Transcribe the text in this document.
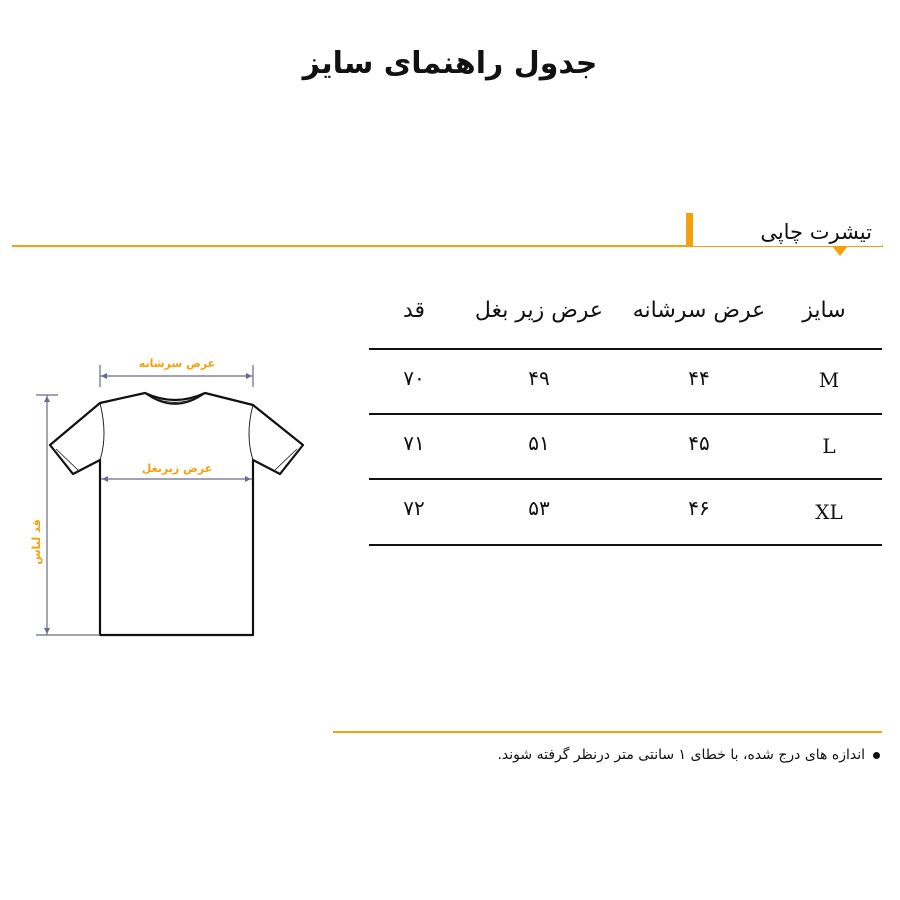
جدول راهنمای سایز
تیشرت چاپی
سایز
عرض سرشانه
عرض زیر بغل
قد
M
۴۴
۴۹
۷۰
L
۴۵
۵۱
۷۱
XL
۴۶
۵۳
۷۲
عرض سرشانه
عرض زیربغل
قد لباس
اندازه های درج شده، با خطای ۱ سانتی متر درنظر گرفته شوند.
